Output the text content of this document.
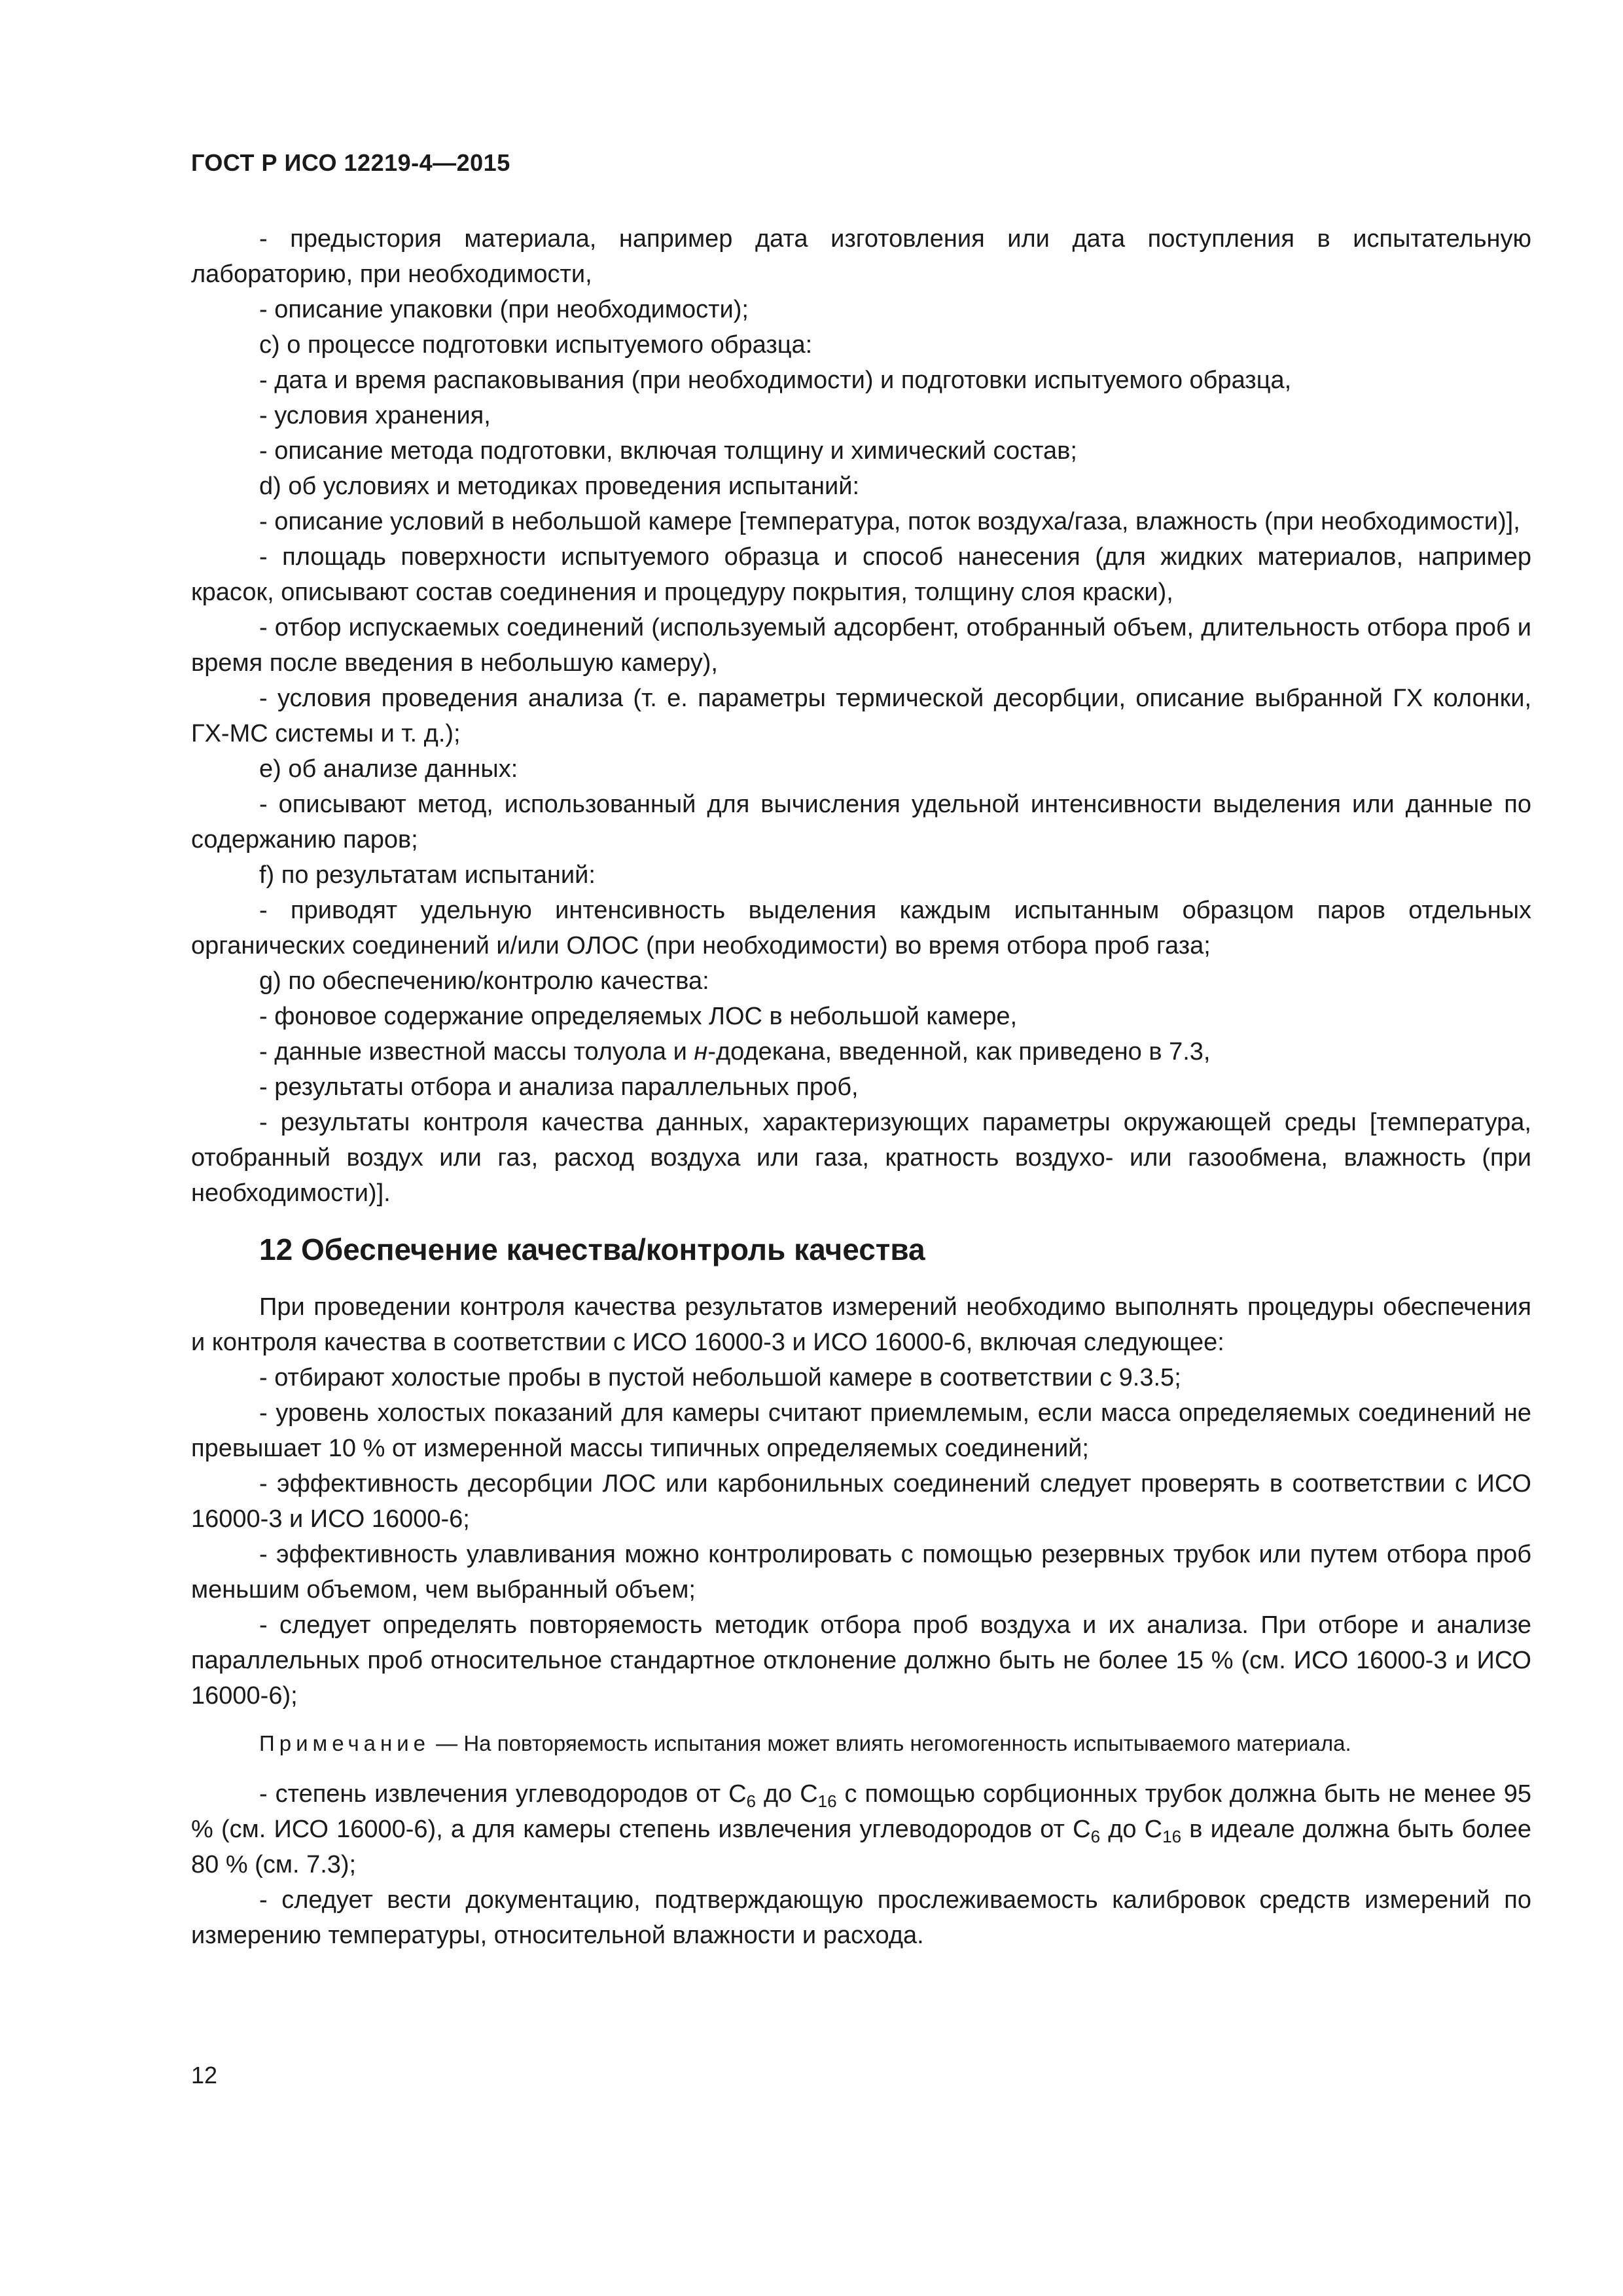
ГОСТ Р ИСО 12219-4—2015

- предыстория материала, например дата изготовления или дата поступления в испытательную лабораторию, при необходимости,

- описание упаковки (при необходимости);

с) о процессе подготовки испытуемого образца:

- дата и время распаковывания (при необходимости) и подготовки испытуемого образца,

- условия хранения,

- описание метода подготовки, включая толщину и химический состав;

d) об условиях и методиках проведения испытаний:

- описание условий в небольшой камере [температура, поток воздуха/газа, влажность (при необходимости)],

- площадь поверхности испытуемого образца и способ нанесения (для жидких материалов, например красок, описывают состав соединения и процедуру покрытия, толщину слоя краски),

- отбор испускаемых соединений (используемый адсорбент, отобранный объем, длительность отбора проб и время после введения в небольшую камеру),

- условия проведения анализа (т. е. параметры термической десорбции, описание выбранной ГХ колонки, ГХ-МС системы и т. д.);

е) об анализе данных:

- описывают метод, использованный для вычисления удельной интенсивности выделения или данные по содержанию паров;

f) по результатам испытаний:

- приводят удельную интенсивность выделения каждым испытанным образцом паров отдельных органических соединений и/или ОЛОС (при необходимости) во время отбора проб газа;

g) по обеспечению/контролю качества:

- фоновое содержание определяемых ЛОС в небольшой камере,

- данные известной массы толуола и н-додекана, введенной, как приведено в 7.3,

- результаты отбора и анализа параллельных проб,

- результаты контроля качества данных, характеризующих параметры окружающей среды [температура, отобранный воздух или газ, расход воздуха или газа, кратность воздухо- или газообмена, влажность (при необходимости)].

12 Обеспечение качества/контроль качества

При проведении контроля качества результатов измерений необходимо выполнять процедуры обеспечения и контроля качества в соответствии с ИСО 16000-3 и ИСО 16000-6, включая следующее:

- отбирают холостые пробы в пустой небольшой камере в соответствии с 9.3.5;

- уровень холостых показаний для камеры считают приемлемым, если масса определяемых соединений не превышает 10 % от измеренной массы типичных определяемых соединений;

- эффективность десорбции ЛОС или карбонильных соединений следует проверять в соответствии с ИСО 16000-3 и ИСО 16000-6;

- эффективность улавливания можно контролировать с помощью резервных трубок или путем отбора проб меньшим объемом, чем выбранный объем;

- следует определять повторяемость методик отбора проб воздуха и их анализа. При отборе и анализе параллельных проб относительное стандартное отклонение должно быть не более 15 % (см. ИСО 16000-3 и ИСО 16000-6);

Примечание — На повторяемость испытания может влиять негомогенность испытываемого материала.

- степень извлечения углеводородов от $С_6$ до $С_{16}$ с помощью сорбционных трубок должна быть не менее 95 % (см. ИСО 16000-6), а для камеры степень извлечения углеводородов от $С_6$ до $С_{16}$ в идеале должна быть более 80 % (см. 7.3);

- следует вести документацию, подтверждающую прослеживаемость калибровок средств измерений по измерению температуры, относительной влажности и расхода.

12
